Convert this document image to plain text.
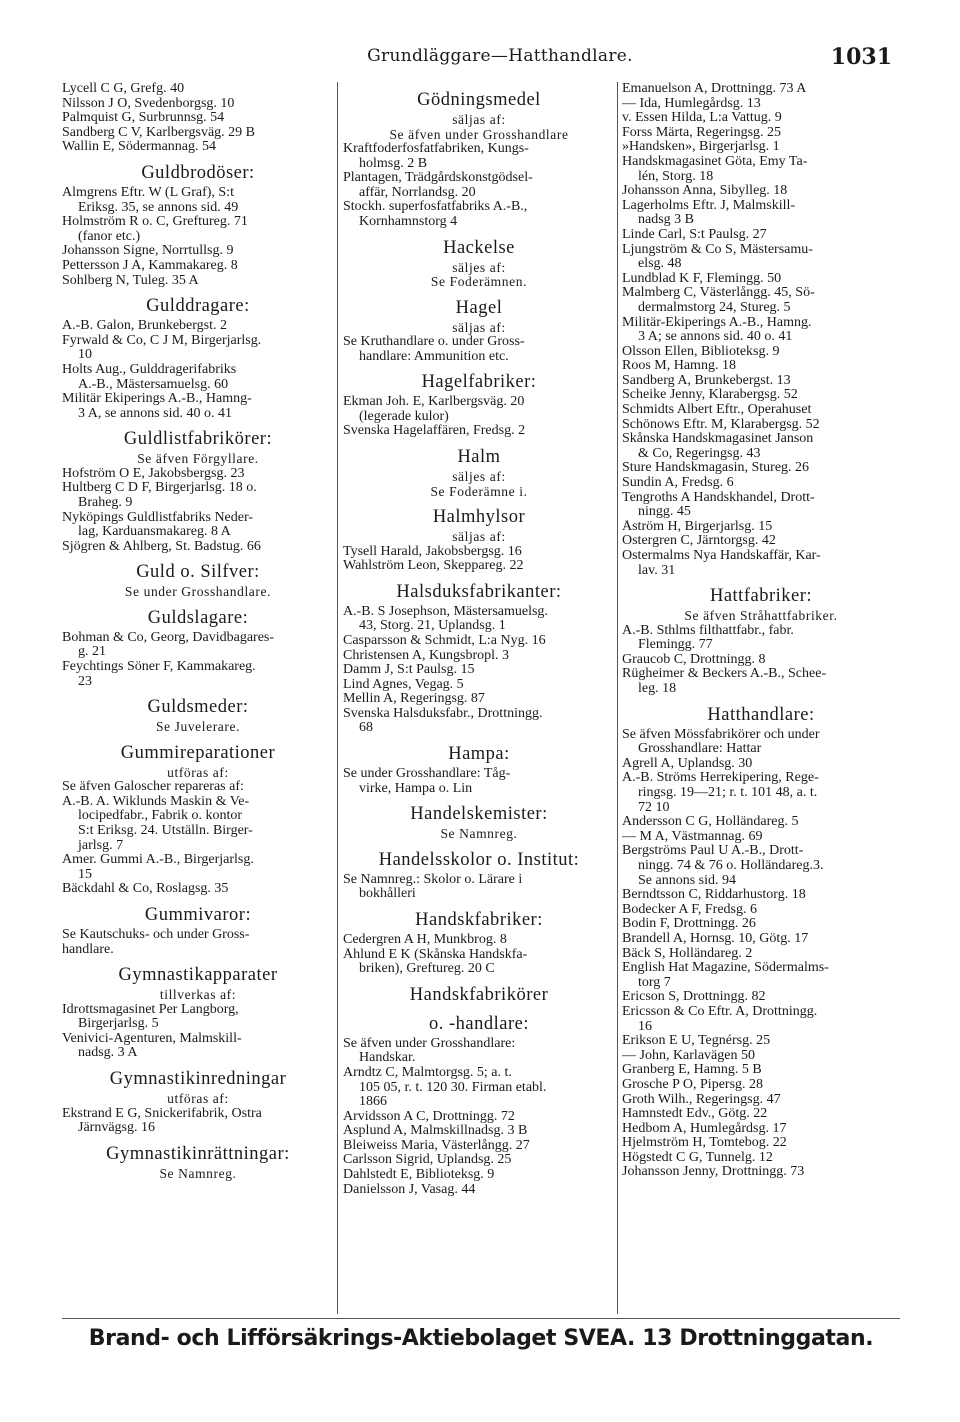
Grundläggare—Hatthandlare.	1031
Lycell C G, Grefg. 40
Nilsson J O, Svedenborgsg. 10
Palmquist G, Surbrunnsg. 54
Sandberg C V, Karlbergsväg. 29 B
Wallin E, Södermannag. 54
Guldbrodöser:
Almgrens Eftr. W (L Graf), S:t
Eriksg. 35, se annons sid. 49
Holmström R o. C, Greftureg. 71
(fanor etc.)
Johansson Signe, Norrtullsg. 9
Pettersson J A, Kammakareg. 8
Sohlberg N, Tuleg. 35 A
Gulddragare:
A.-B. Galon, Brunkebergst. 2
Fyrwald & Co, C J M, Birgerjarlsg.
10
Holts Aug., Gulddragerifabriks
A.-B., Mästersamuelsg. 60
Militär Ekiperings A.-B., Hamng-
3 A, se annons sid. 40 o. 41
Guldlistfabrikörer:
Se äfven Förgyllare.
Hofström O E, Jakobsbergsg. 23
Hultberg C D F, Birgerjarlsg. 18 o.
Braheg. 9
Nyköpings Guldlistfabriks Neder-
lag, Karduansmakareg. 8 A
Sjögren & Ahlberg, St. Badstug. 66
Guld o. Silfver:
Se under Grosshandlare.
Guldslagare:
Bohman & Co, Georg, Davidbagares-
g. 21
Feychtings Söner F, Kammakareg.
23
Guldsmeder:
Se Juvelerare.
Gummireparationer
utföras af:
Se äfven Galoscher repareras af:
A.-B. A. Wiklunds Maskin & Ve-
locipedfabr., Fabrik o. kontor
S:t Eriksg. 24. Utställn. Birger-
jarlsg. 7
Amer. Gummi A.-B., Birgerjarlsg.
15
Bäckdahl & Co, Roslagsg. 35
Gummivaror:
Se Kautschuks- och under Gross-
handlare.
Gymnastikapparater
tillverkas af:
Idrottsmagasinet Per Langborg,
Birgerjarlsg. 5
Venivici-Agenturen, Malmskill-
nadsg. 3 A
Gymnastikinredningar
utföras af:
Ekstrand E G, Snickerifabrik, Östra
Järnvägsg. 16
Gymnastikinrättningar:
Se Namnreg.
Gödningsmedel
säljas af:
Se äfven under Grosshandlare
Kraftfoderfosfatfabriken, Kungs-
holmsg. 2 B
Plantagen, Trädgårdskonstgödsel-
affär, Norrlandsg. 20
Stockh. superfosfatfabriks A.-B.,
Kornhamnstorg 4
Hackelse
säljes af:
Se Foderämnen.
Hagel
säljas af:
Se Kruthandlare o. under Gross-
handlare: Ammunition etc.
Hagelfabriker:
Ekman Joh. E, Karlbergsväg. 20
(legerade kulor)
Svenska Hagelaffären, Fredsg. 2
Halm
säljes af:
Se Foderämne i.
Halmhylsor
säljas af:
Tysell Harald, Jakobsbergsg. 16
Wahlström Leon, Skeppareg. 22
Halsduksfabrikanter:
A.-B. S Josephson, Mästersamuelsg.
43, Storg. 21, Uplandsg. 1
Casparsson & Schmidt, L:a Nyg. 16
Christensen A, Kungsbropl. 3
Damm J, S:t Paulsg. 15
Lind Agnes, Vegag. 5
Mellin A, Regeringsg. 87
Svenska Halsduksfabr., Drottningg.
68
Hampa:
Se under Grosshandlare: Tåg-
virke, Hampa o. Lin
Handelskemister:
Se Namnreg.
Handelsskolor o. Institut:
Se Namnreg.: Skolor o. Lärare i
bokhålleri
Handskfabriker:
Cedergren A H, Munkbrog. 8
Åhlund E K (Skånska Handskfa-
briken), Greftureg. 20 C
Handskfabrikörer
o. -handlare:
Se äfven under Grosshandlare:
Handskar.
Arndtz C, Malmtorgsg. 5; a. t.
105 05, r. t. 120 30. Firman etabl.
1866
Arvidsson A C, Drottningg. 72
Asplund A, Malmskillnadsg. 3 B
Bleiweiss Maria, Västerlångg. 27
Carlsson Sigrid, Uplandsg. 25
Dahlstedt E, Biblioteksg. 9
Danielsson J, Vasag. 44
Emanuelson A, Drottningg. 73 A
— Ida, Humlegårdsg. 13
v. Essen Hilda, L:a Vattug. 9
Forss Märta, Regeringsg. 25
»Handsken», Birgerjarlsg. 1
Handskmagasinet Göta, Emy Ta-
lén, Storg. 18
Johansson Anna, Sibylleg. 18
Lagerholms Eftr. J, Malmskill-
nadsg 3 B
Linde Carl, S:t Paulsg. 27
Ljungström & Co S, Mästersamu-
elsg. 48
Lundblad K F, Flemingg. 50
Malmberg C, Västerlångg. 45, Sö-
dermalmstorg 24, Stureg. 5
Militär-Ekiperings A.-B., Hamng.
3 A; se annons sid. 40 o. 41
Olsson Ellen, Biblioteksg. 9
Roos M, Hamng. 18
Sandberg A, Brunkebergst. 13
Scheike Jenny, Klarabergsg. 52
Schmidts Albert Eftr., Operahuset
Schönows Eftr. M, Klarabergsg. 52
Skånska Handskmagasinet Janson
& Co, Regeringsg. 43
Sture Handskmagasin, Stureg. 26
Sundin A, Fredsg. 6
Tengroths A Handskhandel, Drott-
ningg. 45
Åström H, Birgerjarlsg. 15
Östergren C, Järntorgsg. 42
Östermalms Nya Handskaffär, Kar-
lav. 31
Hattfabriker:
Se äfven Stråhattfabriker.
A.-B. Sthlms filthattfabr., fabr.
Flemingg. 77
Graucob C, Drottningg. 8
Rügheimer & Beckers A.-B., Schee-
leg. 18
Hatthandlare:
Se äfven Mössfabrikörer och under
Grosshandlare: Hattar
Agrell A, Uplandsg. 30
A.-B. Ströms Herrekipering, Rege-
ringsg. 19—21; r. t. 101 48, a. t.
72 10
Andersson C G, Holländareg. 5
— M A, Västmannag. 69
Bergströms Paul U A.-B., Drott-
ningg. 74 & 76 o. Holländareg.3.
Se annons sid. 94
Berndtsson C, Riddarhustorg. 18
Bodecker A F, Fredsg. 6
Bodin F, Drottningg. 26
Brandell A, Hornsg. 10, Götg. 17
Bäck S, Holländareg. 2
English Hat Magazine, Södermalms-
torg 7
Ericson S, Drottningg. 82
Ericsson & Co Eftr. A, Drottningg.
16
Erikson E U, Tegnérsg. 25
— John, Karlavägen 50
Granberg E, Hamng. 5 B
Grosche P O, Pipersg. 28
Groth Wilh., Regeringsg. 47
Hamnstedt Edv., Götg. 22
Hedbom A, Humlegårdsg. 17
Hjelmström H, Tomtebog. 22
Högstedt C G, Tunnelg. 12
Johansson Jenny, Drottningg. 73
Brand- och Lifförsäkrings-Aktiebolaget SVEA. 13 Drottninggatan.
